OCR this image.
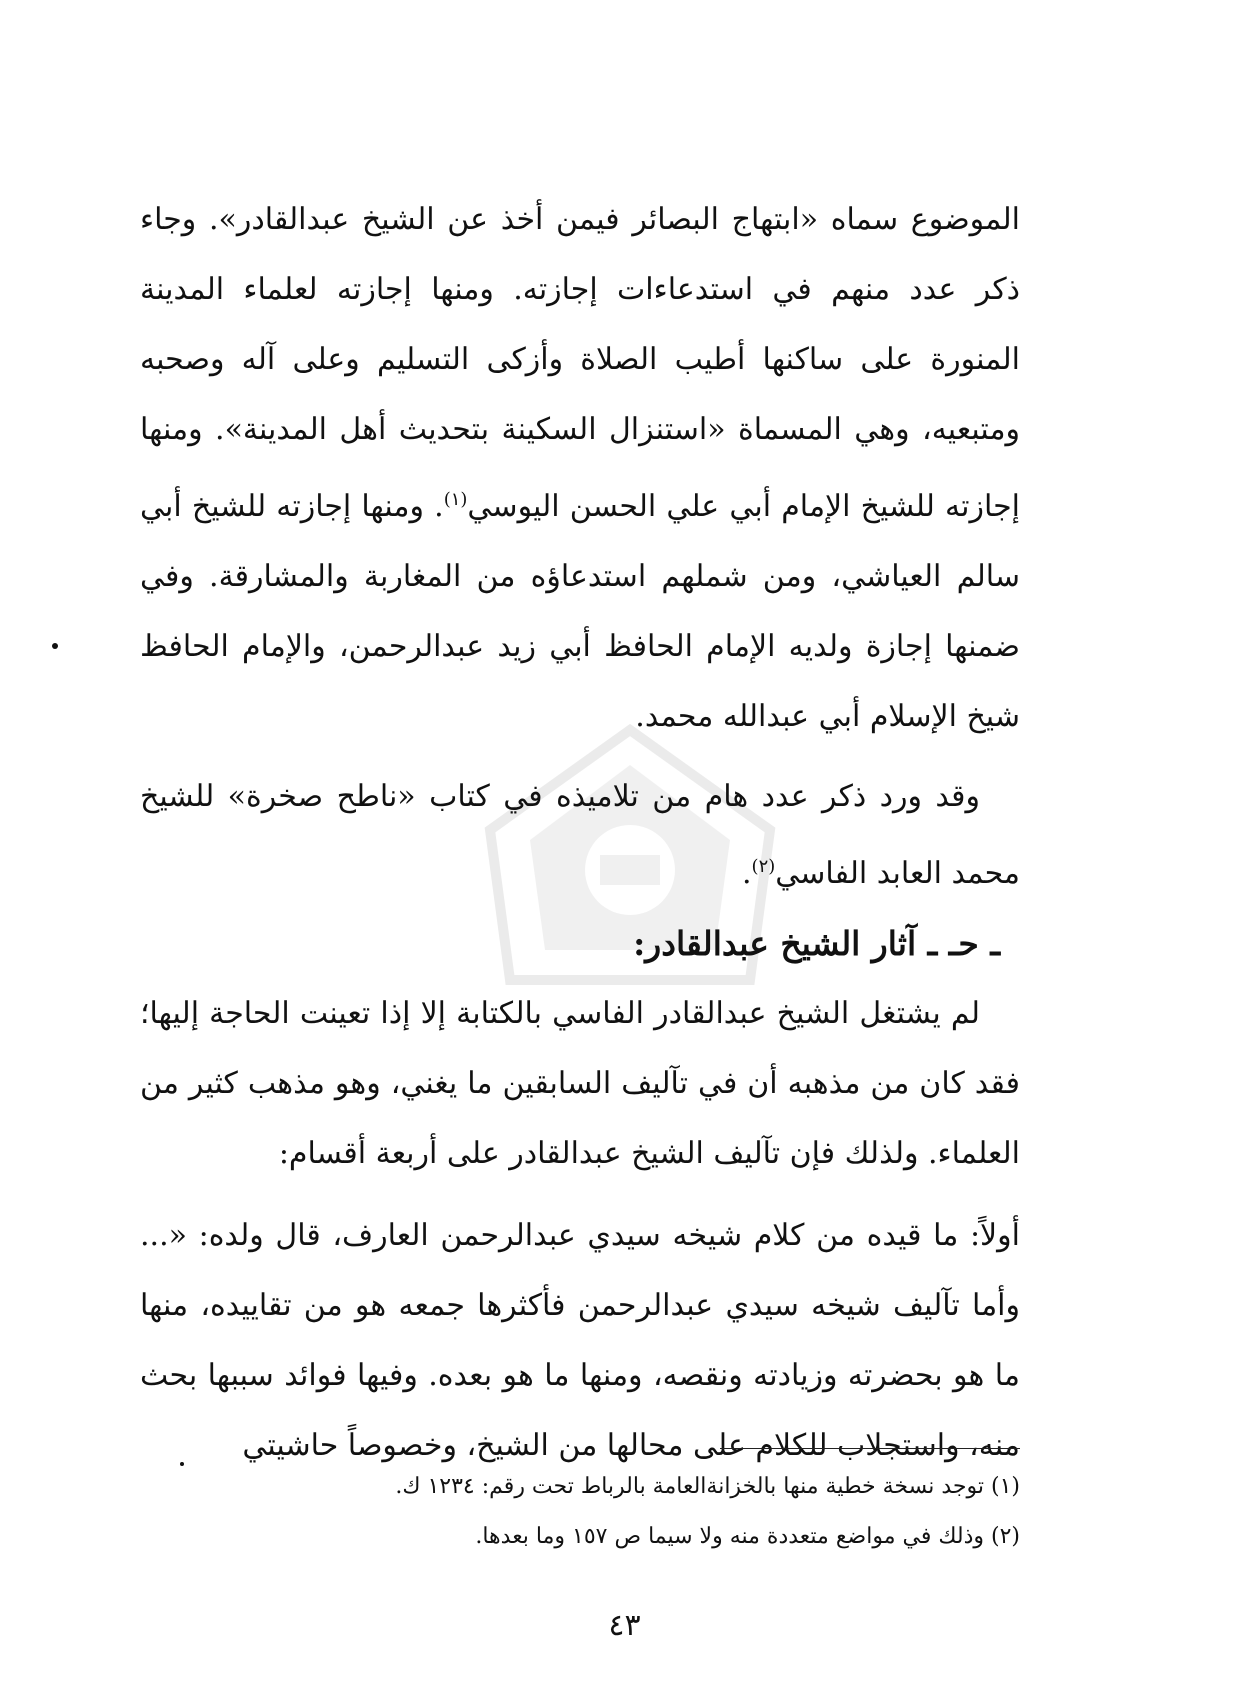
الموضوع سماه «ابتهاج البصائر فيمن أخذ عن الشيخ عبدالقادر». وجاء ذكر عدد منهم في استدعاءات إجازته. ومنها إجازته لعلماء المدينة المنورة على ساكنها أطيب الصلاة وأزكى التسليم وعلى آله وصحبه ومتبعيه، وهي المسماة «استنزال السكينة بتحديث أهل المدينة». ومنها إجازته للشيخ الإمام أبي علي الحسن اليوسي$^{(١)}$. ومنها إجازته للشيخ أبي سالم العياشي، ومن شملهم استدعاؤه من المغاربة والمشارقة. وفي ضمنها إجازة ولديه الإمام الحافظ أبي زيد عبدالرحمن، والإمام الحافظ شيخ الإسلام أبي عبدالله محمد.

وقد ورد ذكر عدد هام من تلاميذه في كتاب «ناطح صخرة» للشيخ محمد العابد الفاسي$^{(٢)}$.

ـ حـ ـ آثار الشيخ عبدالقادر:

لم يشتغل الشيخ عبدالقادر الفاسي بالكتابة إلا إذا تعينت الحاجة إليها؛ فقد كان من مذهبه أن في تآليف السابقين ما يغني، وهو مذهب كثير من العلماء. ولذلك فإن تآليف الشيخ عبدالقادر على أربعة أقسام:

أولاً: ما قيده من كلام شيخه سيدي عبدالرحمن العارف، قال ولده: «... وأما تآليف شيخه سيدي عبدالرحمن فأكثرها جمعه هو من تقاييده، منها ما هو بحضرته وزيادته ونقصه، ومنها ما هو بعده. وفيها فوائد سببها بحث منه، واستجلاب للكلام على محالها من الشيخ، وخصوصاً حاشيتي

(١) توجد نسخة خطية منها بالخزانةالعامة بالرباط تحت رقم: ١٢٣٤ ك.

(٢) وذلك في مواضع متعددة منه ولا سيما ص ١٥٧ وما بعدها.

٤٣
